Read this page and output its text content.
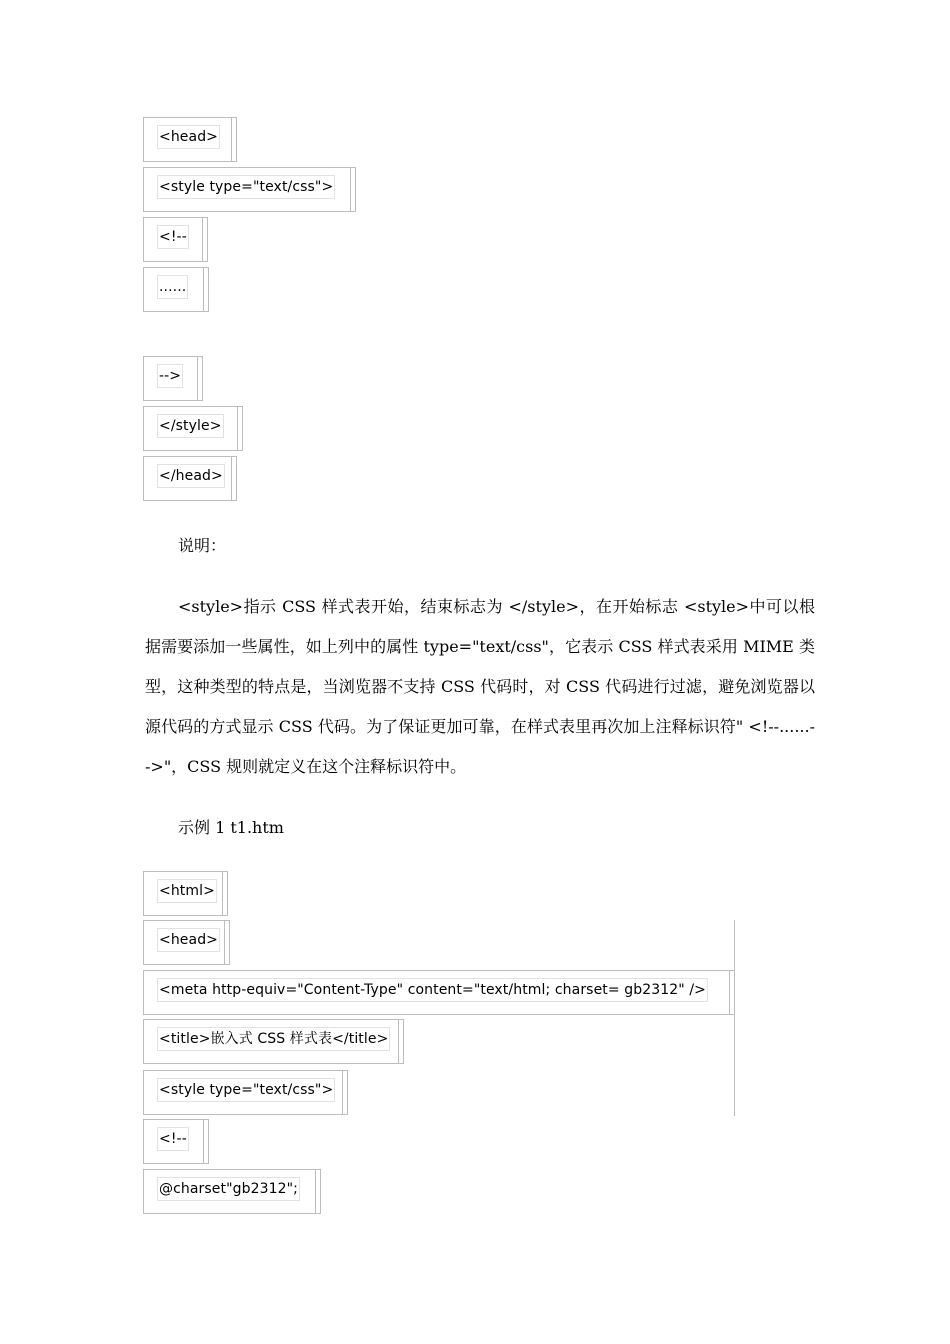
<head>
<style type="text/css">
<!--
......
-->
</style>
</head>
说明：

<style>指示 CSS 样式表开始，结束标志为 </style>，在开始标志 <style>中可以根据需要添加一些属性，如上列中的属性 type="text/css"，它表示 CSS 样式表采用 MIME 类型，这种类型的特点是，当浏览器不支持 CSS 代码时，对 CSS 代码进行过滤，避免浏览器以源代码的方式显示 CSS 代码。为了保证更加可靠，在样式表里再次加上注释标识符" <!--......-->"，CSS 规则就定义在这个注释标识符中。

示例 1 t1.htm
<html>
<head>
<meta http-equiv="Content-Type" content="text/html; charset= gb2312" />
<title>嵌入式 CSS 样式表</title>
<style type="text/css">
<!--
@charset"gb2312";
